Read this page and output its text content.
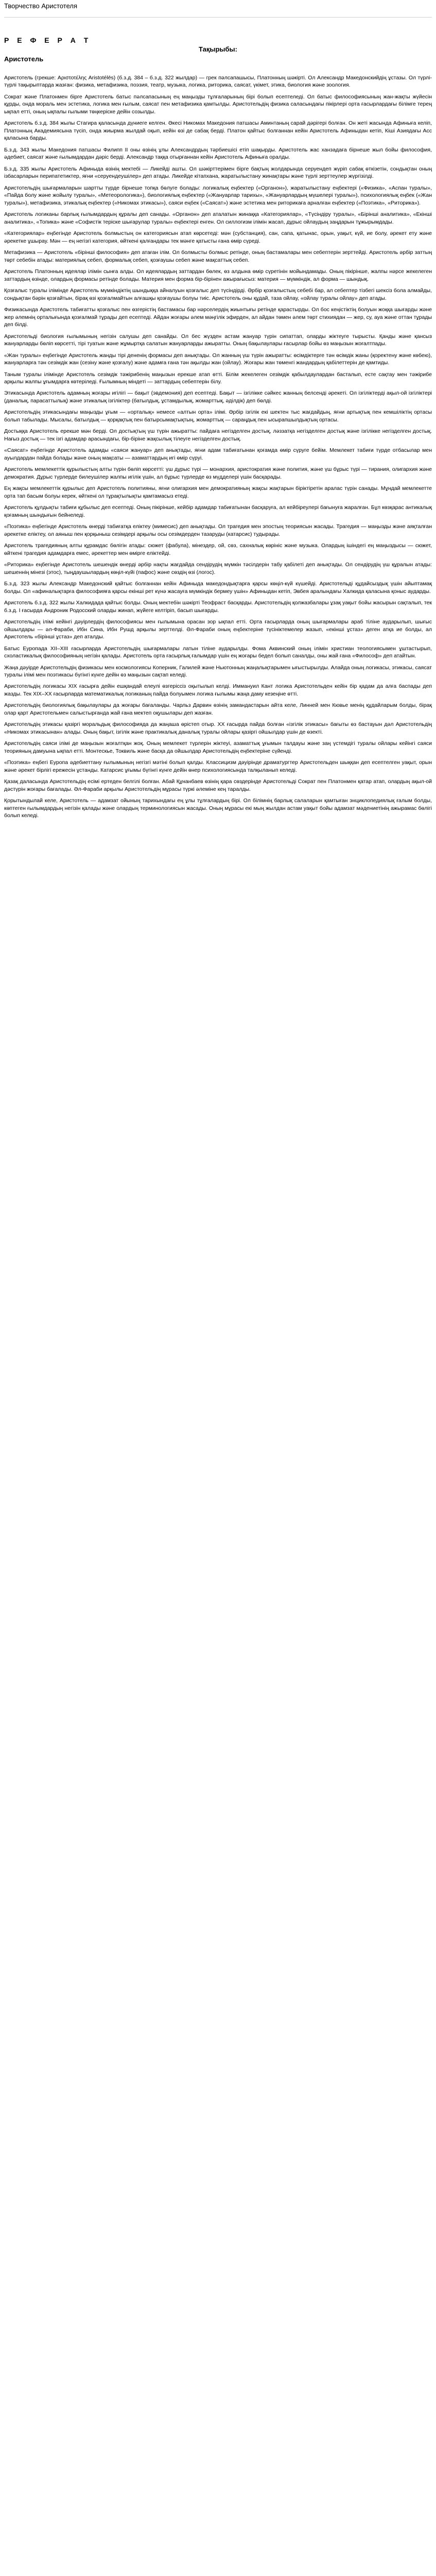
Творчество Аристотеля
Р Е Ф Е Р А Т
Тақырыбы:
Аристотель

Аристотель (грекше: Aριστοτέλης Aristotélēs) (б.з.д. 384 – б.з.д. 322 жылдар) — грек пәлсапашысы, Платонның шәкірті. Ол Александр Македонскийдің ұстазы. Ол түрлі-түрлі тақырыптарда жазған: физика, метафизика, поэзия, театр, музыка, логика, риторика, саясат, үкімет, этика, биология және зоология.

Сократ және Платонмен бірге Аристотель батыс пәлсапасының ең маңызды тұлғаларының бірі болып есептеледі. Ол батыс философиясының жан-жақты жүйесін құрды, онда мораль мен эстетика, логика мен ғылым, саясат пен метафизика қамтылды. Аристотельдің физика саласындағы пікірлері орта ғасырлардағы білімге терең ықпал етті, оның ықпалы ғылыми төңкеріске дейін созылды.

Аристотель б.з.д. 384 жылы Стагира қаласында дүниеге келген. Әкесі Никомах Македония патшасы Аминтаның сарай дәрігері болған. Он жеті жасында Афиныға келіп, Платонның Академиясына түсіп, онда жиырма жылдай оқып, кейін өзі де сабақ берді. Платон қайтыс болғаннан кейін Аристотель Афиныдан кетіп, Кіші Азиядағы Асс қаласына барды.

Б.з.д. 343 жылы Македония патшасы Филипп II оны өзінің ұлы Александрдың тәрбиешісі етіп шақырды. Аристотель жас ханзадаға бірнеше жыл бойы философия, әдебиет, саясат және ғылымдардан дәріс берді. Александр таққа отырғаннан кейін Аристотель Афиныға оралды.

Б.з.д. 335 жылы Аристотель Афиныда өзінің мектебі — Ликейді ашты. Ол шәкірттерімен бірге бақтың жолдарында серуендеп жүріп сабақ өткізетін, сондықтан оның ізбасарларын перипатетиктер, яғни «серуендеушілер» деп атады. Ликейде кітапхана, жаратылыстану жинақтары және түрлі зерттеулер жүргізілді.

Аристотельдің шығармаларын шартты түрде бірнеше топқа бөлуге болады: логикалық еңбектер («Органон»), жаратылыстану еңбектері («Физика», «Аспан туралы», «Пайда болу және жойылу туралы», «Метеорологика»), биологиялық еңбектер («Жануарлар тарихы», «Жануарлардың мүшелері туралы»), психологиялық еңбек («Жан туралы»), метафизика, этикалық еңбектер («Никомах этикасы»), саяси еңбек («Саясат») және эстетика мен риторикаға арналған еңбектер («Поэтика», «Риторика»).

Аристотель логиканы барлық ғылымдардың құралы деп санады. «Органон» деп аталатын жинаққа «Категориялар», «Түсіндіру туралы», «Бірінші аналитика», «Екінші аналитика», «Топика» және «Софистік теріске шығарулар туралы» еңбектері енген. Ол силлогизм ілімін жасап, дұрыс ойлаудың заңдарын тұжырымдады.

«Категориялар» еңбегінде Аристотель болмыстың он категориясын атап көрсетеді: мән (субстанция), сан, сапа, қатынас, орын, уақыт, күй, ие болу, әрекет ету және әрекетке ұшырау. Мән — ең негізгі категория, өйткені қалғандары тек мәнге қатысты ғана өмір сүреді.

Метафизика — Аристотель «бірінші философия» деп атаған ілім. Ол болмысты болмыс ретінде, оның бастамалары мен себептерін зерттейді. Аристотель әрбір заттың төрт себебін атады: материялық себеп, формалық себеп, қозғаушы себеп және мақсаттық себеп.

Аристотель Платонның идеялар ілімін сынға алды. Ол идеялардың заттардан бөлек, өз алдына өмір сүретінін мойындамады. Оның пікірінше, жалпы нәрсе жекелеген заттардың өзінде, олардың формасы ретінде болады. Материя мен форма бір-бірінен ажырағысыз: материя — мүмкіндік, ал форма — шындық.

Қозғалыс туралы ілімінде Аристотель мүмкіндіктің шындыққа айналуын қозғалыс деп түсіндірді. Әрбір қозғалыстың себебі бар, ал себептер тізбегі шексіз бола алмайды, сондықтан бәрін қозғайтын, бірақ өзі қозғалмайтын алғашқы қозғаушы болуы тиіс. Аристотель оны құдай, таза ойлау, «ойлау туралы ойлау» деп атады.

Физикасында Аристотель табиғатты қозғалыс пен өзгерістің бастамасы бар нәрселердің жиынтығы ретінде қарастырды. Ол бос кеңістіктің болуын жоққа шығарды және жер әлемнің орталығында қозғалмай тұрады деп есептеді. Айдан жоғары әлем мәңгілік эфирден, ал айдан төмен әлем төрт стихиядан — жер, су, ауа және оттан тұрады деп білді.

Аристотельді биология ғылымының негізін салушы деп санайды. Ол бес жүзден астам жануар түрін сипаттап, оларды жіктеуге тырысты. Қанды және қансыз жануарларды бөліп көрсетті, тірі туатын және жұмыртқа салатын жануарларды ажыратты. Оның бақылаулары ғасырлар бойы өз маңызын жоғалтпады.

«Жан туралы» еңбегінде Аристотель жанды тірі дененің формасы деп анықтады. Ол жанның үш түрін ажыратты: өсімдіктерге тән өсімдік жаны (қоректену және көбею), жануарларға тән сезімдік жан (сезіну және қозғалу) және адамға ғана тән ақылды жан (ойлау). Жоғары жан төменгі жандардың қабілеттерін де қамтиды.

Таным туралы ілімінде Аристотель сезімдік тәжірибенің маңызын ерекше атап өтті. Білім жекелеген сезімдік қабылдаулардан басталып, есте сақтау мен тәжірибе арқылы жалпы ұғымдарға көтеріледі. Ғылымның міндеті — заттардың себептерін білу.

Этикасында Аристотель адамның жоғары игілігі — бақыт (эвдемония) деп есептеді. Бақыт — ізгілікке сәйкес жанның белсенді әрекеті. Ол ізгіліктерді ақыл-ой ізгіліктері (даналық, парасаттылық) және этикалық ізгіліктер (батылдық, ұстамдылық, жомарттық, әділдік) деп бөлді.

Аристотельдің этикасындағы маңызды ұғым — «орталық» немесе «алтын орта» ілімі. Әрбір ізгілік екі шектен тыс жағдайдың, яғни артықтық пен кемшіліктің ортасы болып табылады. Мысалы, батылдық — қорқақтық пен батырсымақтықтың, жомарттық — сараңдық пен ысырапшылдықтың ортасы.

Достыққа Аристотель ерекше мән берді. Ол достықтың үш түрін ажыратты: пайдаға негізделген достық, ләззатқа негізделген достық және ізгілікке негізделген достық. Нағыз достық — тек ізгі адамдар арасындағы, бір-біріне жақсылық тілеуге негізделген достық.

«Саясат» еңбегінде Аристотель адамды «саяси жануар» деп анықтады, яғни адам табиғатынан қоғамда өмір сүруге бейім. Мемлекет табиғи түрде отбасылар мен ауылдардан пайда болады және оның мақсаты — азаматтардың игі өмір сүруі.

Аристотель мемлекеттік құрылыстың алты түрін бөліп көрсетті: үш дұрыс түрі — монархия, аристократия және полития, және үш бұрыс түрі — тирания, олигархия және демократия. Дұрыс түрлерде билеушілер жалпы игілік үшін, ал бұрыс түрлерде өз мүдделері үшін басқарады.

Ең жақсы мемлекеттік құрылыс деп Аристотель политияны, яғни олигархия мен демократияның жақсы жақтарын біріктіретін аралас түрін санады. Мұндай мемлекетте орта тап басым болуы керек, өйткені ол тұрақтылықты қамтамасыз етеді.

Аристотель құлдықты табиғи құбылыс деп есептеді. Оның пікірінше, кейбір адамдар табиғатынан басқаруға, ал кейбіреулері бағынуға жаралған. Бұл көзқарас антикалық қоғамның шындығын бейнеледі.

«Поэтика» еңбегінде Аристотель өнерді табиғатқа еліктеу (мимесис) деп анықтады. Ол трагедия мен эпостың теориясын жасады. Трагедия — маңызды және аяқталған әрекетке еліктеу, ол аяныш пен қорқыныш сезімдері арқылы осы сезімдерден тазаруды (катарсис) тудырады.

Аристотель трагедияның алты құрамдас бөлігін атады: сюжет (фабула), мінездер, ой, сөз, сахналық көрініс және музыка. Олардың ішіндегі ең маңыздысы — сюжет, өйткені трагедия адамдарға емес, әрекеттер мен өмірге еліктейді.

«Риторика» еңбегінде Аристотель шешендік өнерді әрбір нақты жағдайда сендірудің мүмкін тәсілдерін табу қабілеті деп анықтады. Ол сендірудің үш құралын атады: шешеннің мінезі (этос), тыңдаушылардың көңіл-күйі (пафос) және сөздің өзі (логос).

Б.з.д. 323 жылы Александр Македонский қайтыс болғаннан кейін Афиныда македондықтарға қарсы көңіл-күй күшейді. Аристотельді құдайсыздық үшін айыптамақ болды. Ол «афиналықтарға философияға қарсы екінші рет күнә жасауға мүмкіндік бермеу үшін» Афиныдан кетіп, Эвбея аралындағы Халкида қаласына қоныс аударды.

Аристотель б.з.д. 322 жылы Халкидада қайтыс болды. Оның мектебін шәкірті Теофраст басқарды. Аристотельдің қолжазбалары ұзақ уақыт бойы жасырын сақталып, тек б.з.д. І ғасырда Андроник Родосский оларды жинап, жүйеге келтіріп, басып шығарды.

Аристотельдің ілімі кейінгі дәуірлердің философиясы мен ғылымына орасан зор ықпал етті. Орта ғасырларда оның шығармалары араб тіліне аударылып, шығыс ойшылдары — әл-Фараби, Ибн Сина, Ибн Рушд арқылы зерттелді. Әл-Фараби оның еңбектеріне түсініктемелер жазып, «екінші ұстаз» деген атқа ие болды, ал Аристотель «бірінші ұстаз» деп аталды.

Батыс Еуропада XII–XIII ғасырларда Аристотельдің шығармалары латын тіліне аударылды. Фома Аквинский оның ілімін христиан теологиясымен ұштастырып, схоластикалық философияның негізін қалады. Аристотель орта ғасырлық ғалымдар үшін ең жоғары бедел болып саналды, оны жай ғана «Философ» деп атайтын.

Жаңа дәуірде Аристотельдің физикасы мен космологиясы Коперник, Галилей және Ньютонның жаңалықтарымен ығыстырылды. Алайда оның логикасы, этикасы, саясат туралы ілімі мен поэтикасы бүгінгі күнге дейін өз маңызын сақтап келеді.

Аристотельдің логикасы XIX ғасырға дейін ешқандай елеулі өзгеріссіз оқытылып келді. Иммануил Кант логика Аристотельден кейін бір қадам да алға баспады деп жазды. Тек XIX–XX ғасырларда математикалық логиканың пайда болуымен логика ғылымы жаңа даму кезеңіне өтті.

Аристотельдің биологиялық бақылаулары да жоғары бағаланды. Чарльз Дарвин өзінің замандастарын айта келе, Линней мен Кювье менің құдайларым болды, бірақ олар қарт Аристотельмен салыстырғанда жай ғана мектеп оқушылары деп жазған.

Аристотельдің этикасы қазіргі моральдық философияда да жаңаша өрістеп отыр. XX ғасырда пайда болған «ізгілік этикасы» бағыты өз бастауын дәл Аристотельдің «Никомах этикасынан» алады. Оның бақыт, ізгілік және практикалық даналық туралы ойлары қазіргі ойшылдар үшін де өзекті.

Аристотельдің саяси ілімі де маңызын жоғалтқан жоқ. Оның мемлекет түрлерін жіктеуі, азаматтық ұғымын талдауы және заң үстемдігі туралы ойлары кейінгі саяси теорияның дамуына ықпал етті. Монтескье, Токвиль және басқа да ойшылдар Аристотельдің еңбектеріне сүйенді.

«Поэтика» еңбегі Еуропа әдебиеттану ғылымының негізгі мәтіні болып қалды. Классицизм дәуірінде драматургтер Аристотельден шыққан деп есептелген уақыт, орын және әрекет бірлігі ережесін ұстанды. Катарсис ұғымы бүгінгі күнге дейін өнер психологиясында талқыланып келеді.

Қазақ даласында Аристотельдің есімі ертеден белгілі болған. Абай Құнанбаев өзінің қара сөздерінде Аристотельді Сократ пен Платонмен қатар атап, олардың ақыл-ой дәстүрін жоғары бағалады. Әл-Фараби арқылы Аристотельдің мұрасы түркі әлеміне кең таралды.

Қорытындылай келе, Аристотель — адамзат ойының тарихындағы ең ұлы тұлғалардың бірі. Ол білімнің барлық салаларын қамтыған энциклопедиялық ғалым болды, көптеген ғылымдардың негізін қалады және олардың терминологиясын жасады. Оның мұрасы екі мың жылдан астам уақыт бойы адамзат мәдениетінің ажырамас бөлігі болып келеді.
